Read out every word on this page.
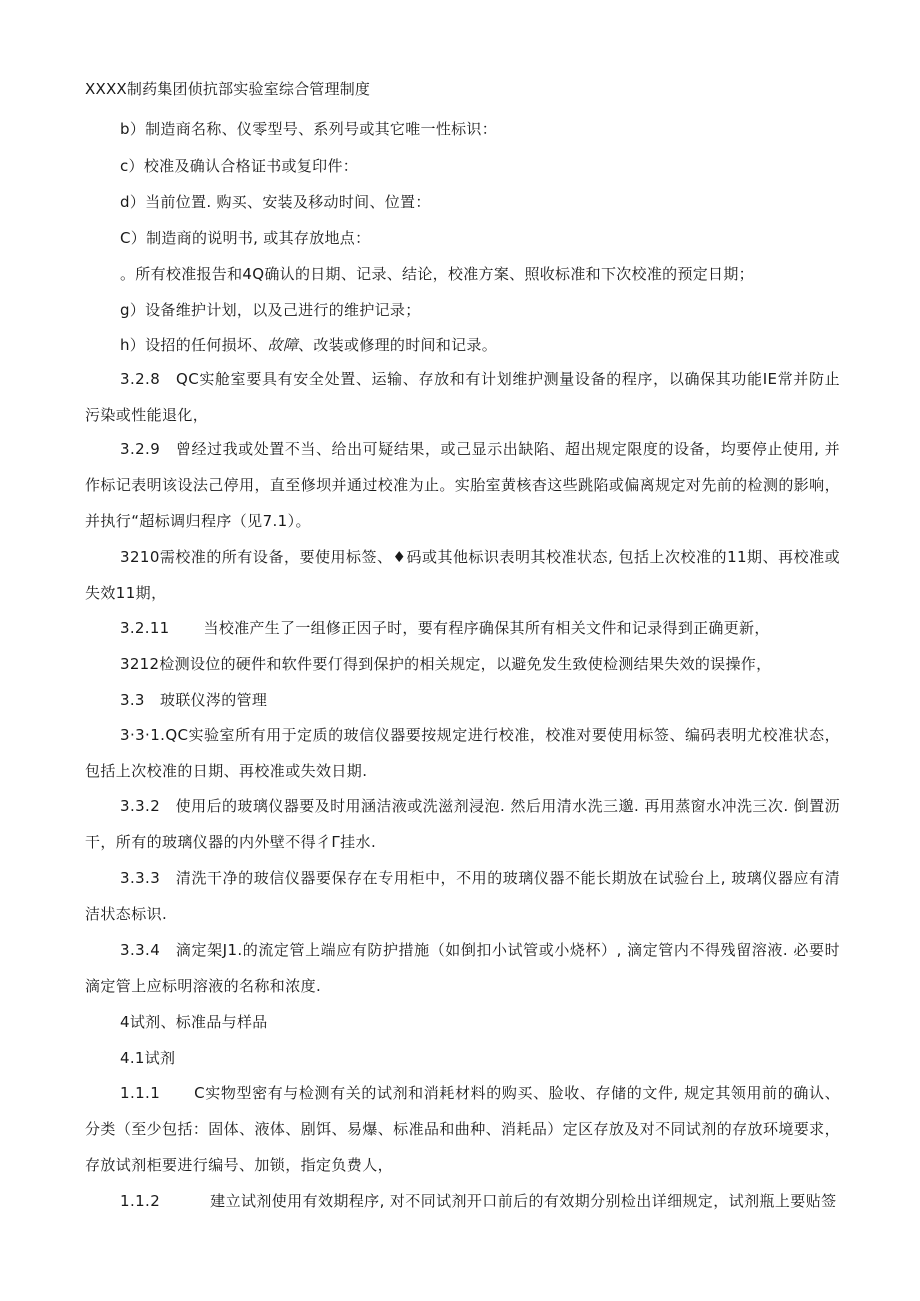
XXXX制药集团侦抗部实验室综合管理制度
b）制造商名称、仪零型号、系列号或其它唯一性标识：
c）校准及确认合格证书或复印件：
d）当前位置. 购买、安装及移动时间、位置：
C）制造商的说明书, 或其存放地点：
。所有校准报告和4Q确认的日期、记录、结论，校准方案、照收标准和下次校准的预定日期；
g）设备维护计划，以及己进行的维护记录；
h）设招的任何损坏、故障、改装或修理的时间和记录。
3.2.8　QC实舱室要具有安全处置、运输、存放和有计划维护测量设备的程序，以确保其功能IE常并防止污染或性能退化，
3.2.9　曾经过我或处置不当、给出可疑结果，或己显示出缺陷、超出规定限度的设备，均要停止使用, 并作标记表明该设法己停用，直至修坝并通过校准为止。实胎室黄核杳这些跳陷或偏离规定对先前的检测的影响，并执行“超标调归程序（见7.1）。
3210需校准的所有设备，要使用标签、♦码或其他标识表明其校准状态, 包括上次校准的11期、再校准或失效11期，
3.2.11 当校准产生了一组修正因子时，要有程序确保其所有相关文件和记录得到正确更新，
3212检测设位的硬件和软件要仃得到保护的相关规定，以避免发生致使检测结果失效的误操作，
3.3　玻联仪涔的管理
3·3·1.QC实验室所有用于定质的玻信仪器要按规定进行校准，校准对要使用标签、编码表明尤校准状态，包括上次校准的日期、再校准或失效日期.
3.3.2　使用后的玻璃仪器要及时用涵洁液或洗滋剂浸泡. 然后用清水洗三邈. 再用蒸窗水冲洗三次. 倒置沥干，所有的玻璃仪器的内外壁不得彳Γ挂水.
3.3.3　清洗干净的玻信仪器要保存在专用柜中，不用的玻璃仪器不能长期放在试验台上, 玻璃仪器应有清洁状态标识.
3.3.4　滴定架J1.的流定管上端应有防护措施（如倒扣小试管或小烧杯）, 滴定管内不得残留溶液. 必要时滴定管上应标明溶液的名称和浓度.
4试剂、标准品与样品
4.1试剂
1.1.1 C实物型密有与检测有关的试剂和消耗材料的购买、脸收、存储的文件, 规定其领用前的确认、分类（至少包括：固体、液体、剧饵、易爆、标准品和曲种、消耗品）定区存放及对不同试剂的存放环境要求，存放试剂柜要进行编号、加锁，指定负费人，
1.1.2	建立试剂使用有效期程序, 对不同试剂开口前后的有效期分别检出详细规定，试剂瓶上要贴签
